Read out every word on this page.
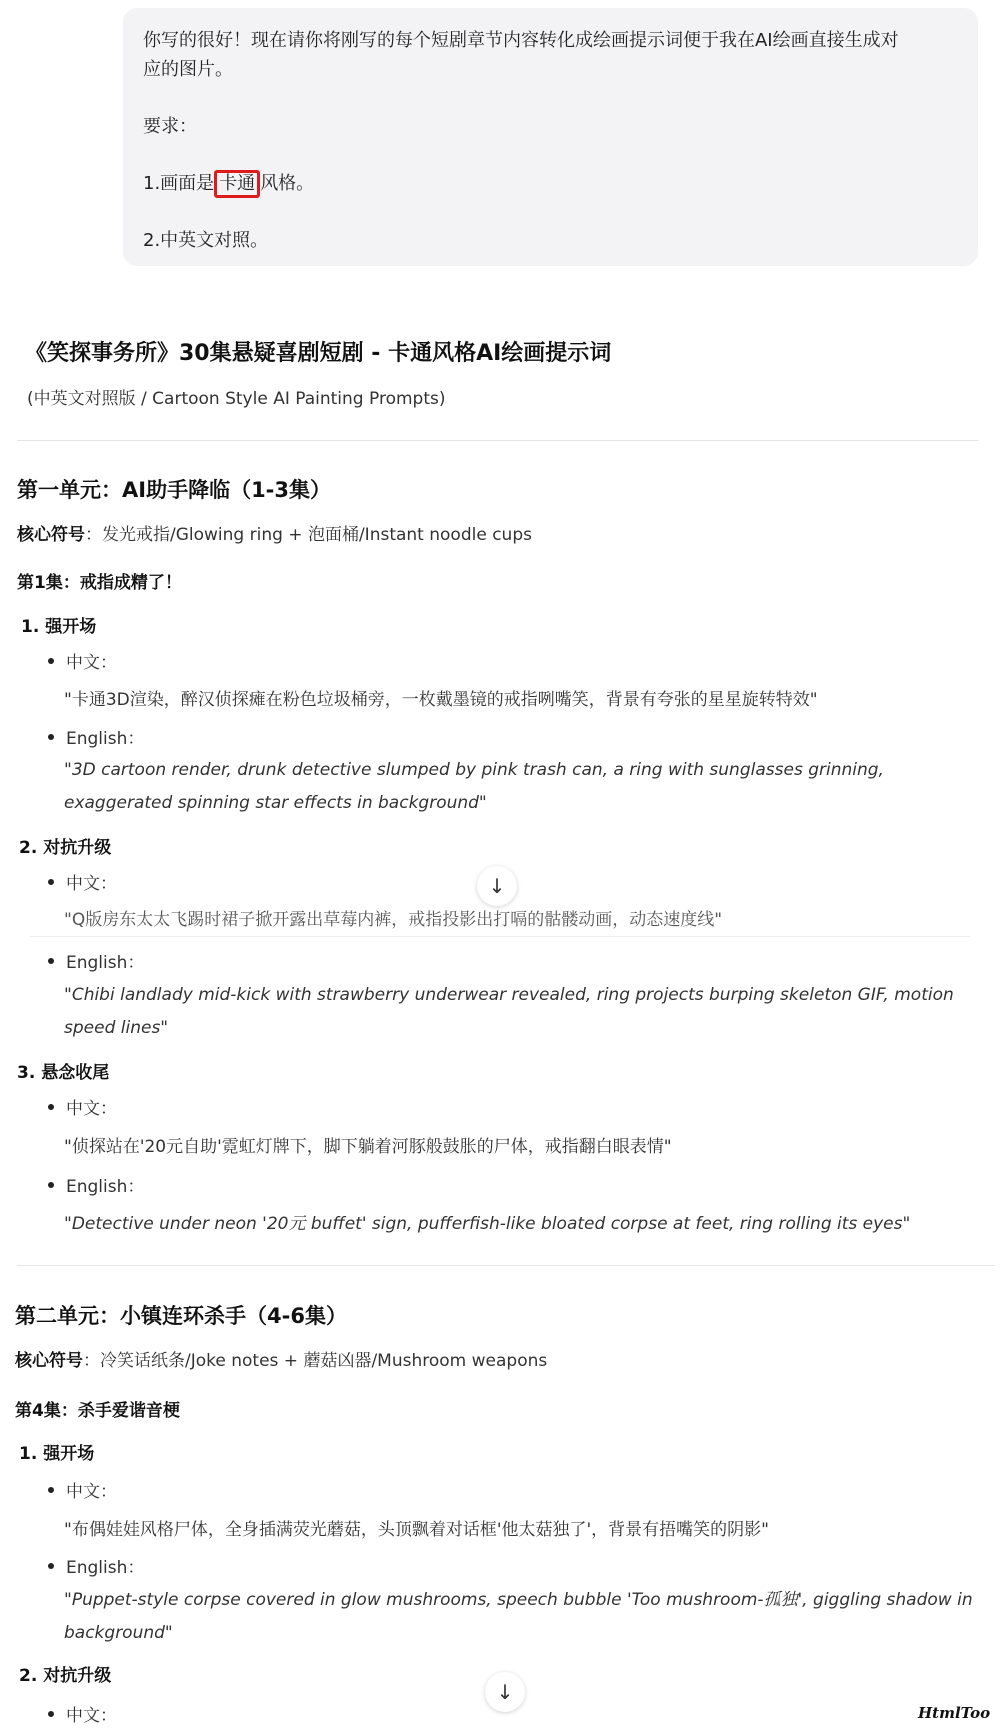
你写的很好！现在请你将刚写的每个短剧章节内容转化成绘画提示词便于我在AI绘画直接生成对

应的图片。

要求：

1.画面是 卡通 风格。

2.中英文对照。

《笑探事务所》30集悬疑喜剧短剧 - 卡通风格AI绘画提示词
(中英文对照版 / Cartoon Style AI Painting Prompts)
第一单元：AI助手降临（1-3集）
核心符号：发光戒指/Glowing ring + 泡面桶/Instant noodle cups
第1集：戒指成精了！
1. 强开场
中文：
"卡通3D渲染，醉汉侦探瘫在粉色垃圾桶旁，一枚戴墨镜的戒指咧嘴笑，背景有夸张的星星旋转特效"
English：
"3D cartoon render, drunk detective slumped by pink trash can, a ring with sunglasses grinning, exaggerated spinning star effects in background"
2. 对抗升级
中文：
"Q版房东太太飞踢时裙子掀开露出草莓内裤，戒指投影出打嗝的骷髅动画，动态速度线"
↓
English：
"Chibi landlady mid-kick with strawberry underwear revealed, ring projects burping skeleton GIF, motion speed lines"
3. 悬念收尾
中文：
"侦探站在'20元自助'霓虹灯牌下，脚下躺着河豚般鼓胀的尸体，戒指翻白眼表情"
English：
"Detective under neon '20元 buffet' sign, pufferfish-like bloated corpse at feet, ring rolling its eyes"
第二单元：小镇连环杀手（4-6集）
核心符号：冷笑话纸条/Joke notes + 蘑菇凶器/Mushroom weapons
第4集：杀手爱谐音梗
1. 强开场
中文：
"布偶娃娃风格尸体，全身插满荧光蘑菇，头顶飘着对话框'他太菇独了'，背景有捂嘴笑的阴影"
English：
"Puppet-style corpse covered in glow mushrooms, speech bubble 'Too mushroom-孤独', giggling shadow in background"
2. 对抗升级
↓
中文：	HtmlToo
